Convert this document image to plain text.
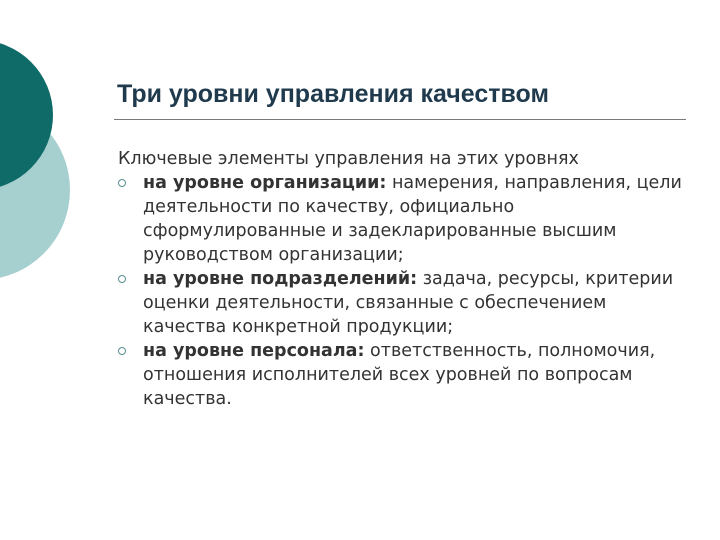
Три уровни управления качеством

Ключевые элементы управления на этих уровнях

на уровне организации: намерения, направления, цели деятельности по качеству, официально сформулированные и задекларированные высшим руководством организации;
на уровне подразделений: задача, ресурсы, критерии оценки деятельности, связанные с обеспечением качества конкретной продукции;
на уровне персонала: ответственность, полномочия, отношения исполнителей всех уровней по вопросам качества.
